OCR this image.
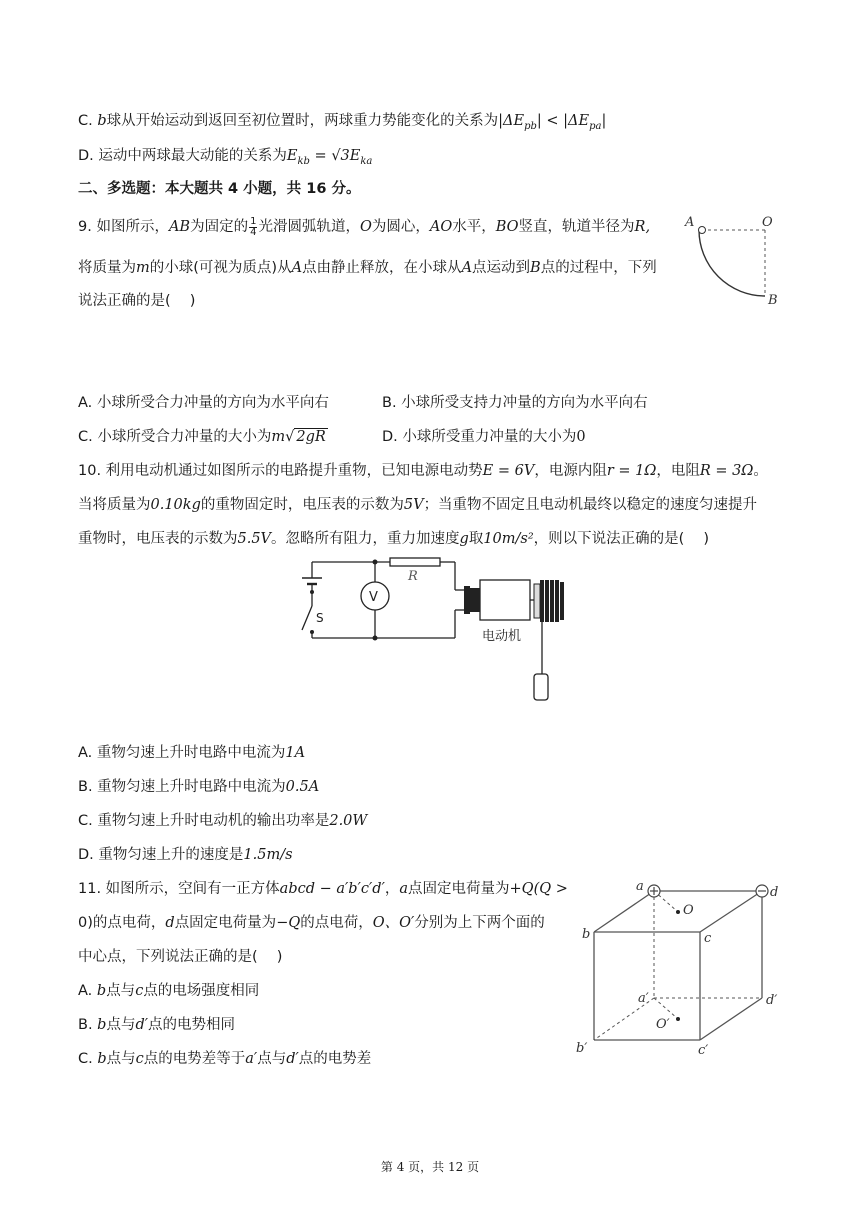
C. b球从开始运动到返回至初位置时，两球重力势能变化的关系为$|\Delta E_{pb}| < |\Delta E_{pa}|$
D. 运动中两球最大动能的关系为$E_{kb} = √3E_{ka}$
二、多选题：本大题共 4 小题，共 16 分。
9. 如图所示，AB为固定的 $\frac{1}{4}$ 光滑圆弧轨道，O为圆心，AO水平，BO竖直，轨道半径为R,
将质量为m的小球(可视为质点)从A点由静止释放，在小球从A点运动到B点的过程中，下列
说法正确的是(　 )
A	O
B
A. 小球所受合力冲量的方向为水平向右	B. 小球所受支持力冲量的方向为水平向右
C. 小球所受合力冲量的大小为m√ 2gR	D. 小球所受重力冲量的大小为0
10. 利用电动机通过如图所示的电路提升重物，已知电源电动势E = 6V，电源内阻r = 1Ω，电阻R = 3Ω。
当将质量为0.10kg的重物固定时，电压表的示数为5V；当重物不固定且电动机最终以稳定的速度匀速提升
重物时，电压表的示数为5.5V。忽略所有阻力，重力加速度g取10m/s²，则以下说法正确的是(　 )
R
V
S
电动机
A. 重物匀速上升时电路中电流为1A
B. 重物匀速上升时电路中电流为0.5A
C. 重物匀速上升时电动机的输出功率是2.0W
D. 重物匀速上升的速度是1.5m/s
11. 如图所示，空间有一正方体abcd − a′b′c′d′，a点固定电荷量为+Q(Q >
0)的点电荷，d点固定电荷量为−Q的点电荷，O、O′分别为上下两个面的
中心点，下列说法正确的是(　 )
A. b点与c点的电场强度相同
B. b点与d′点的电势相同
C. b点与c点的电势差等于a′点与d′点的电势差
a	d
b	c
O
a′	d′
O′
b′	c′
第 4 页，共 12 页
